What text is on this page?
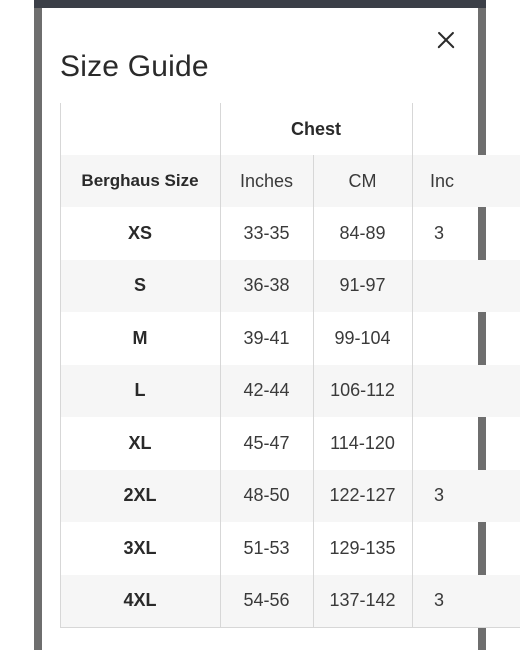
Size Guide
Chest
Berghaus Size	Inches	CM	Inc
XS	33-35	84-89	3
S	36-38	91-97
M	39-41	99-104
L	42-44	106-112
XL	45-47	114-120
2XL	48-50	122-127	3
3XL	51-53	129-135
4XL	54-56	137-142	3
